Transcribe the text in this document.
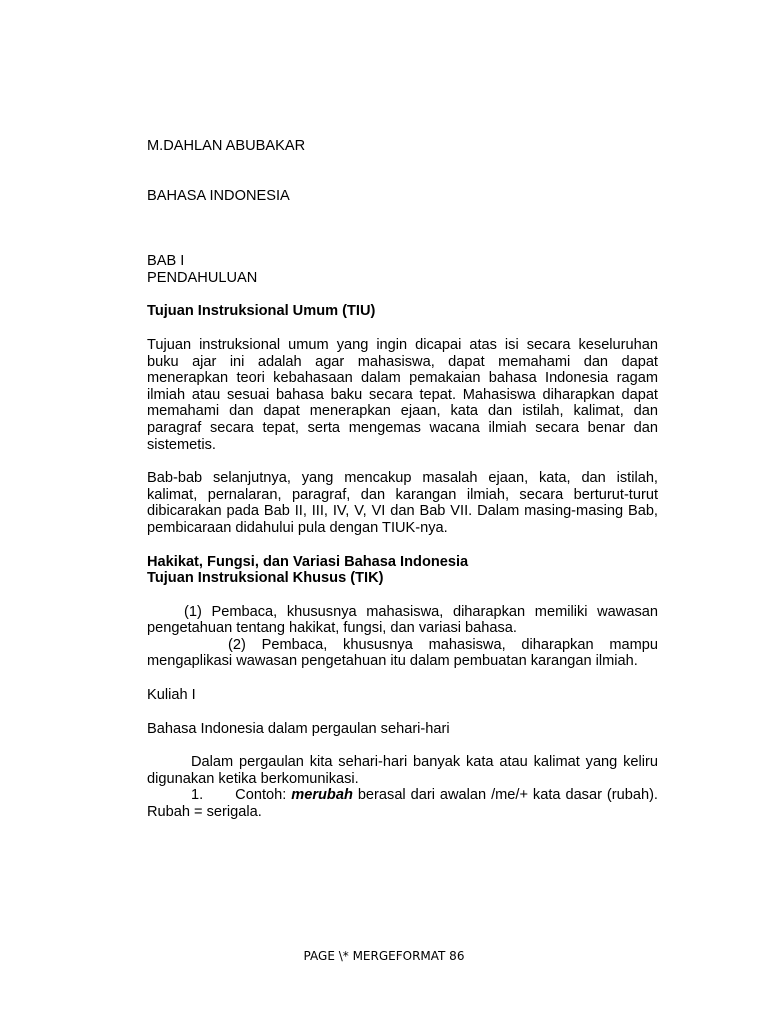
M.DAHLAN ABUBAKAR

BAHASA INDONESIA

BAB I

PENDAHULUAN

Tujuan Instruksional Umum (TIU)

Tujuan instruksional umum yang ingin dicapai atas isi secara keseluruhan buku ajar ini adalah agar mahasiswa, dapat memahami dan dapat menerapkan teori kebahasaan dalam pemakaian bahasa Indonesia ragam ilmiah atau sesuai bahasa baku secara tepat. Mahasiswa diharapkan dapat memahami dan dapat menerapkan ejaan, kata dan istilah, kalimat, dan paragraf secara tepat, serta mengemas wacana ilmiah secara benar dan sistemetis.

Bab-bab selanjutnya, yang mencakup masalah ejaan, kata, dan istilah, kalimat, pernalaran, paragraf, dan karangan ilmiah, secara berturut-turut dibicarakan pada Bab II, III, IV, V, VI dan Bab VII. Dalam masing-masing Bab, pembicaraan didahului pula dengan TIUK-nya.

Hakikat, Fungsi, dan Variasi Bahasa Indonesia

Tujuan Instruksional Khusus (TIK)

(1) Pembaca, khususnya mahasiswa, diharapkan memiliki wawasan pengetahuan tentang hakikat, fungsi, dan variasi bahasa.

(2) Pembaca, khususnya mahasiswa, diharapkan mampu mengaplikasi wawasan pengetahuan itu dalam pembuatan karangan ilmiah.

Kuliah I

Bahasa Indonesia dalam pergaulan sehari-hari

Dalam pergaulan kita sehari-hari banyak kata atau kalimat yang keliru digunakan ketika berkomunikasi.

1. Contoh: merubah berasal dari awalan /me/+ kata dasar (rubah). Rubah = serigala.

PAGE \* MERGEFORMAT 86
